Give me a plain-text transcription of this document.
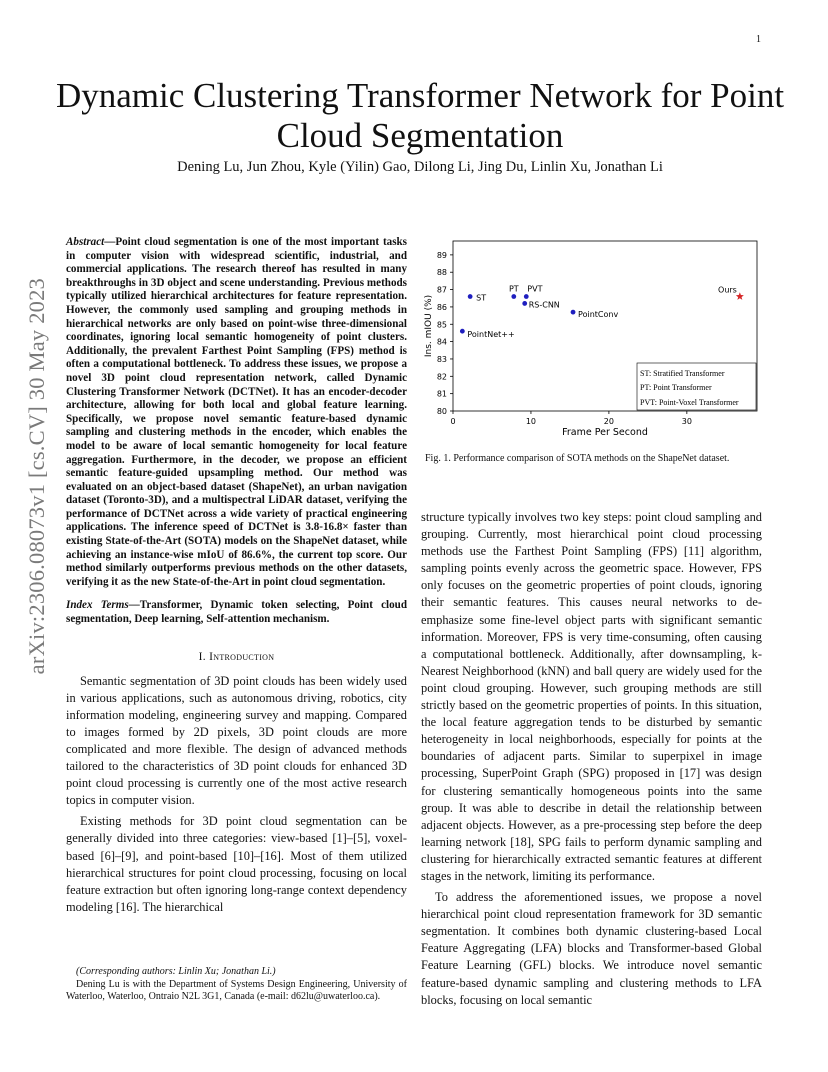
1
arXiv:2306.08073v1 [cs.CV] 30 May 2023
Dynamic Clustering Transformer Network for Point Cloud Segmentation
Dening Lu, Jun Zhou, Kyle (Yilin) Gao, Dilong Li, Jing Du, Linlin Xu, Jonathan Li

Abstract—Point cloud segmentation is one of the most important tasks in computer vision with widespread scientific, industrial, and commercial applications. The research thereof has resulted in many breakthroughs in 3D object and scene understanding. Previous methods typically utilized hierarchical architectures for feature representation. However, the commonly used sampling and grouping methods in hierarchical networks are only based on point-wise three-dimensional coordinates, ignoring local semantic homogeneity of point clusters. Additionally, the prevalent Farthest Point Sampling (FPS) method is often a computational bottleneck. To address these issues, we propose a novel 3D point cloud representation network, called Dynamic Clustering Transformer Network (DCTNet). It has an encoder-decoder architecture, allowing for both local and global feature learning. Specifically, we propose novel semantic feature-based dynamic sampling and clustering methods in the encoder, which enables the model to be aware of local semantic homogeneity for local feature aggregation. Furthermore, in the decoder, we propose an efficient semantic feature-guided upsampling method. Our method was evaluated on an object-based dataset (ShapeNet), an urban navigation dataset (Toronto-3D), and a multispectral LiDAR dataset, verifying the performance of DCTNet across a wide variety of practical engineering applications. The inference speed of DCTNet is 3.8-16.8× faster than existing State-of-the-Art (SOTA) models on the ShapeNet dataset, while achieving an instance-wise mIoU of 86.6%, the current top score. Our method similarly outperforms previous methods on the other datasets, verifying it as the new State-of-the-Art in point cloud segmentation.

Index Terms—Transformer, Dynamic token selecting, Point cloud segmentation, Deep learning, Self-attention mechanism.

I. Introduction

Semantic segmentation of 3D point clouds has been widely used in various applications, such as autonomous driving, robotics, city information modeling, engineering survey and mapping. Compared to images formed by 2D pixels, 3D point clouds are more complicated and more flexible. The design of advanced methods tailored to the characteristics of 3D point clouds for enhanced 3D point cloud processing is currently one of the most active research topics in computer vision.

Existing methods for 3D point cloud segmentation can be generally divided into three categories: view-based [1]–[5], voxel-based [6]–[9], and point-based [10]–[16]. Most of them utilized hierarchical structures for point cloud processing, focusing on local feature extraction but often ignoring long-range context dependency modeling [16]. The hierarchical

(Corresponding authors: Linlin Xu; Jonathan Li.)
Dening Lu is with the Department of Systems Design Engineering, University of Waterloo, Waterloo, Ontraio N2L 3G1, Canada (e-mail: d62lu@uwaterloo.ca).
80
81
82
83
84
85
86
87
88
89
0	10	20	30
ST
PT PVT
RS-CNN
PointConv
PointNet++
Ours
Frame Per Second
Ins. mIOU (%)
ST: Stratified Transformer
PT: Point Transformer
PVT: Point-Voxel Transformer
Fig. 1. Performance comparison of SOTA methods on the ShapeNet dataset.

structure typically involves two key steps: point cloud sampling and grouping. Currently, most hierarchical point cloud processing methods use the Farthest Point Sampling (FPS) [11] algorithm, sampling points evenly across the geometric space. However, FPS only focuses on the geometric properties of point clouds, ignoring their semantic features. This causes neural networks to de-emphasize some fine-level object parts with significant semantic information. Moreover, FPS is very time-consuming, often causing a computational bottleneck. Additionally, after downsampling, k-Nearest Neighborhood (kNN) and ball query are widely used for the point cloud grouping. However, such grouping methods are still strictly based on the geometric properties of points. In this situation, the local feature aggregation tends to be disturbed by semantic heterogeneity in local neighborhoods, especially for points at the boundaries of adjacent parts. Similar to superpixel in image processing, SuperPoint Graph (SPG) proposed in [17] was design for clustering semantically homogeneous points into the same group. It was able to describe in detail the relationship between adjacent objects. However, as a pre-processing step before the deep learning network [18], SPG fails to perform dynamic sampling and clustering for hierarchically extracted semantic features at different stages in the network, limiting its performance.

To address the aforementioned issues, we propose a novel hierarchical point cloud representation framework for 3D semantic segmentation. It combines both dynamic clustering-based Local Feature Aggregating (LFA) blocks and Transformer-based Global Feature Learning (GFL) blocks. We introduce novel semantic feature-based dynamic sampling and clustering methods to LFA blocks, focusing on local semantic
